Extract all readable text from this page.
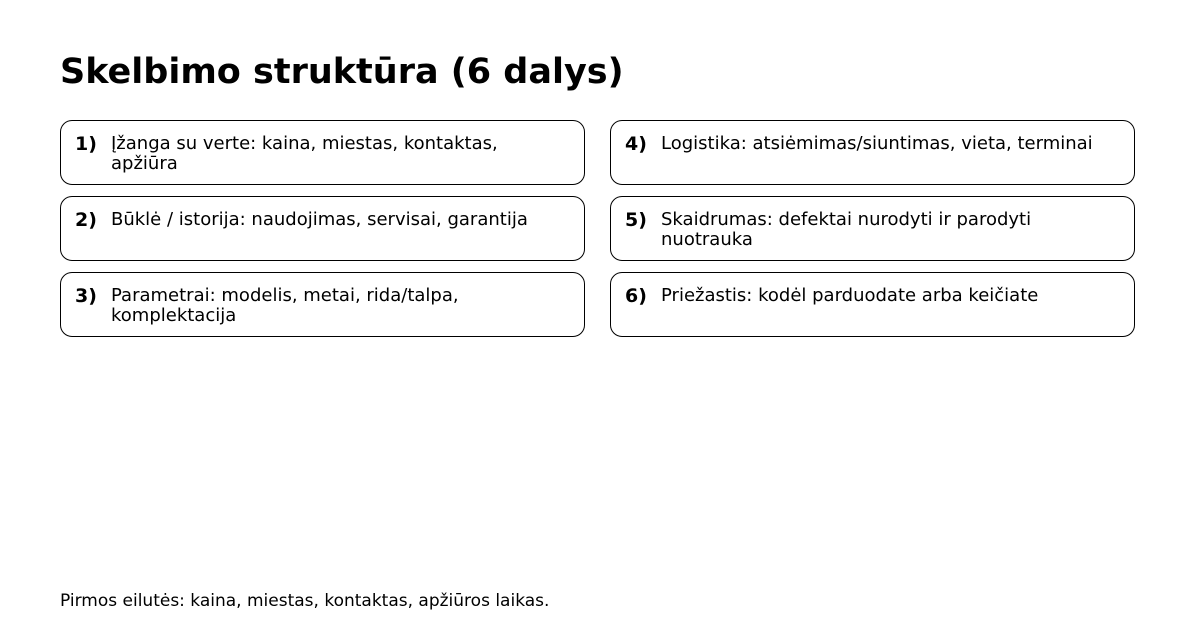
Skelbimo struktūra (6 dalys)
1) Įžanga su verte: kaina, miestas, kontaktas, apžiūra
2) Būklė / istorija: naudojimas, servisai, garantija
3) Parametrai: modelis, metai, rida/talpa, komplektacija
4) Logistika: atsiėmimas/siuntimas, vieta, terminai
5) Skaidrumas: defektai nurodyti ir parodyti nuotrauka
6) Priežastis: kodėl parduodate arba keičiate
Pirmos eilutės: kaina, miestas, kontaktas, apžiūros laikas.
